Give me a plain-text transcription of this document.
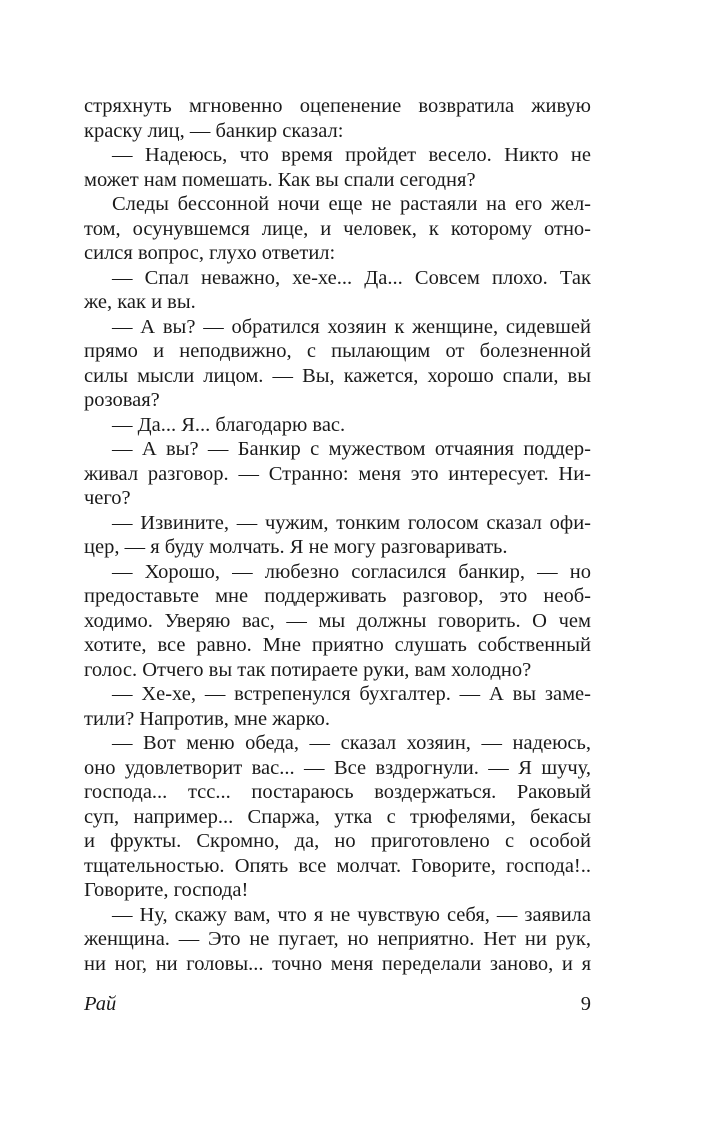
стряхнуть мгновенно оцепенение возвратила живую
краску лиц, — банкир сказал:
— Надеюсь, что время пройдет весело. Никто не
может нам помешать. Как вы спали сегодня?
Следы бессонной ночи еще не растаяли на его жел-
том, осунувшемся лице, и человек, к которому отно-
сился вопрос, глухо ответил:
— Спал неважно, хе-хе... Да... Совсем плохо. Так
же, как и вы.
— А вы? — обратился хозяин к женщине, сидевшей
прямо и неподвижно, с пылающим от болезненной
силы мысли лицом. — Вы, кажется, хорошо спали, вы
розовая?
— Да... Я... благодарю вас.
— А вы? — Банкир с мужеством отчаяния поддер-
живал разговор. — Странно: меня это интересует. Ни-
чего?
— Извините, — чужим, тонким голосом сказал офи-
цер, — я буду молчать. Я не могу разговаривать.
— Хорошо, — любезно согласился банкир, — но
предоставьте мне поддерживать разговор, это необ-
ходимо. Уверяю вас, — мы должны говорить. О чем
хотите, все равно. Мне приятно слушать собственный
голос. Отчего вы так потираете руки, вам холодно?
— Хе-хе, — встрепенулся бухгалтер. — А вы заме-
тили? Напротив, мне жарко.
— Вот меню обеда, — сказал хозяин, — надеюсь,
оно удовлетворит вас... — Все вздрогнули. — Я шучу,
господа... тсс... постараюсь воздержаться. Раковый
суп, например... Спаржа, утка с трюфелями, бекасы
и фрукты. Скромно, да, но приготовлено с особой
тщательностью. Опять все молчат. Говорите, господа!..
Говорите, господа!
— Ну, скажу вам, что я не чувствую себя, — заявила
женщина. — Это не пугает, но неприятно. Нет ни рук,
ни ног, ни головы... точно меня переделали заново, и я
Рай	9
